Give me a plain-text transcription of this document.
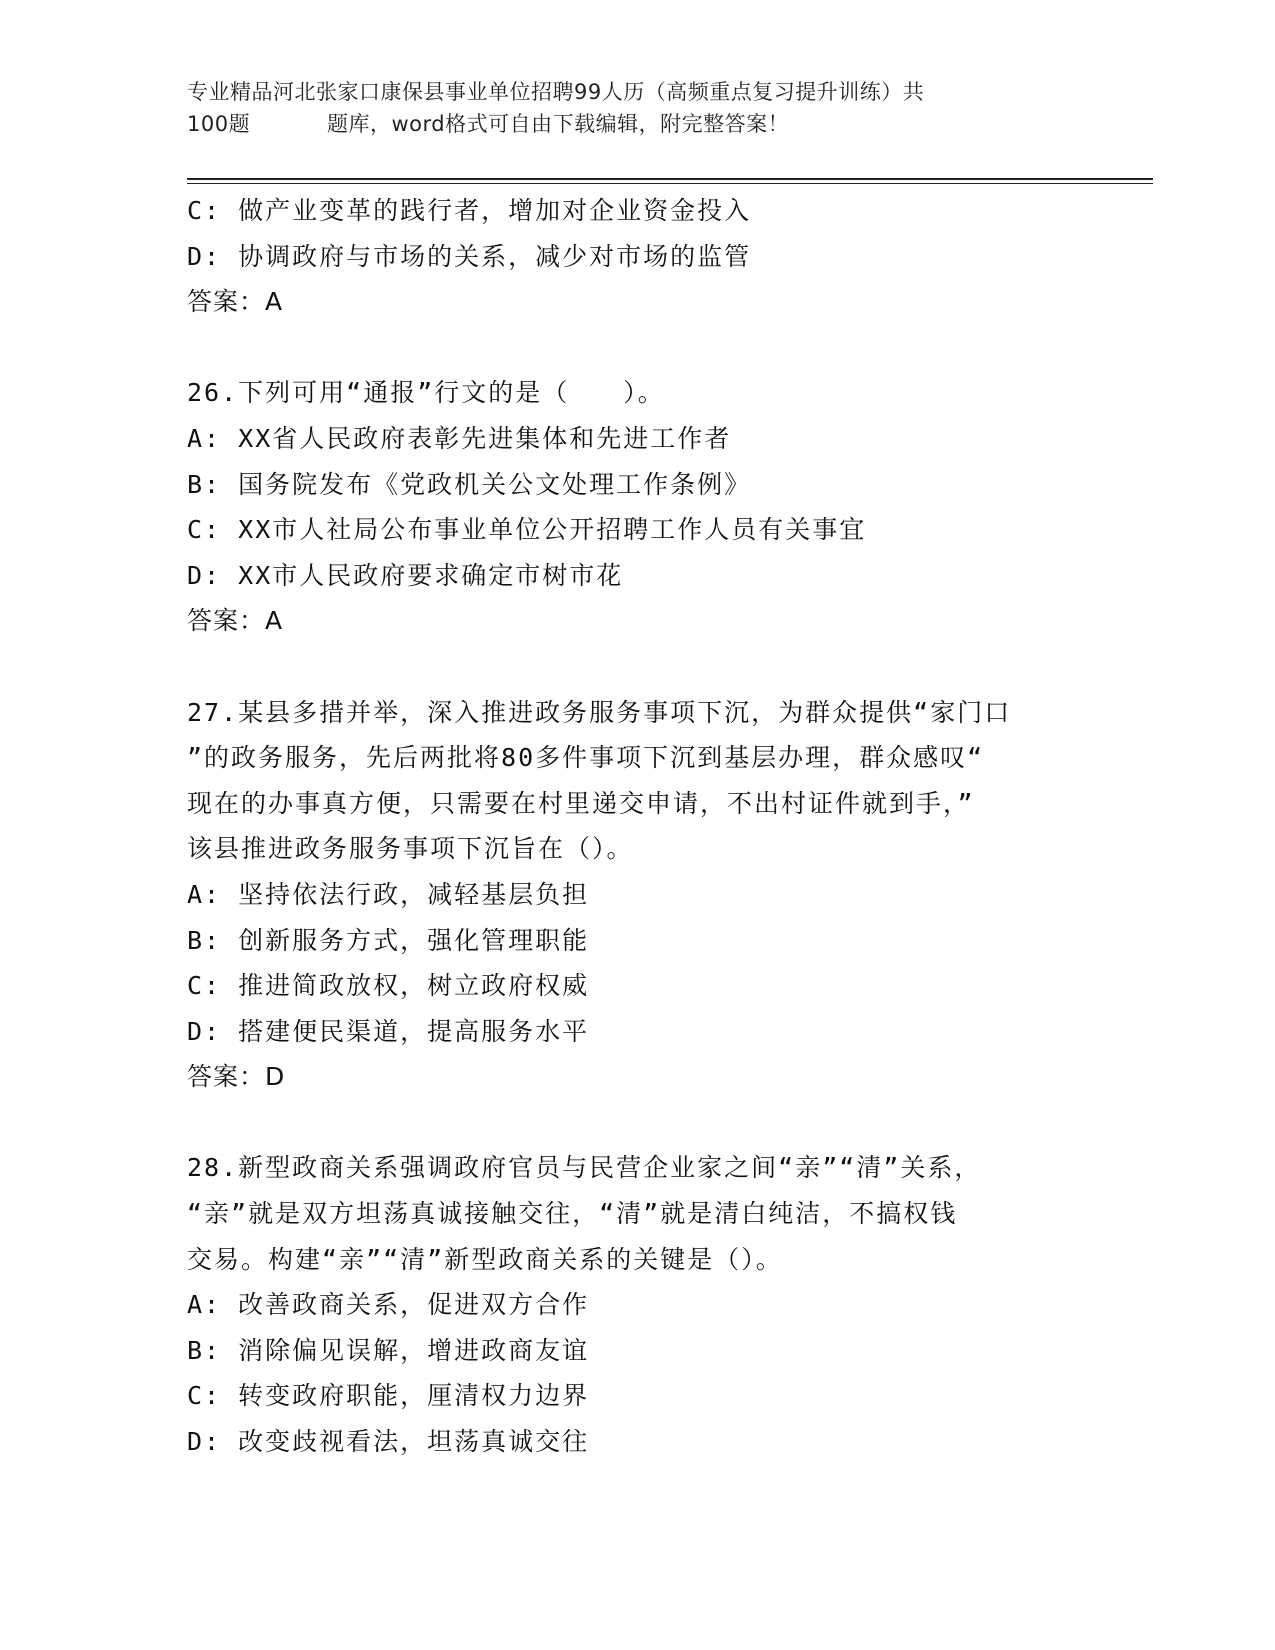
专业精品河北张家口康保县事业单位招聘99人历（高频重点复习提升训练）共
100题	题库，word格式可自由下载编辑，附完整答案！
C: 做产业变革的践行者，增加对企业资金投入
D: 协调政府与市场的关系，减少对市场的监管
答案：A
26.下列可用“通报”行文的是（　　）。
A: XX省人民政府表彰先进集体和先进工作者
B: 国务院发布《党政机关公文处理工作条例》
C: XX市人社局公布事业单位公开招聘工作人员有关事宜
D: XX市人民政府要求确定市树市花
答案：A
27.某县多措并举，深入推进政务服务事项下沉，为群众提供“家门口
”的政务服务，先后两批将80多件事项下沉到基层办理，群众感叹“
现在的办事真方便，只需要在村里递交申请，不出村证件就到手，”
该县推进政务服务事项下沉旨在（）。
A: 坚持依法行政，减轻基层负担
B: 创新服务方式，强化管理职能
C: 推进简政放权，树立政府权威
D: 搭建便民渠道，提高服务水平
答案：D
28.新型政商关系强调政府官员与民营企业家之间“亲”“清”关系，
“亲”就是双方坦荡真诚接触交往，“清”就是清白纯洁，不搞权钱
交易。构建“亲”“清”新型政商关系的关键是（）。
A: 改善政商关系，促进双方合作
B: 消除偏见误解，增进政商友谊
C: 转变政府职能，厘清权力边界
D: 改变歧视看法，坦荡真诚交往
